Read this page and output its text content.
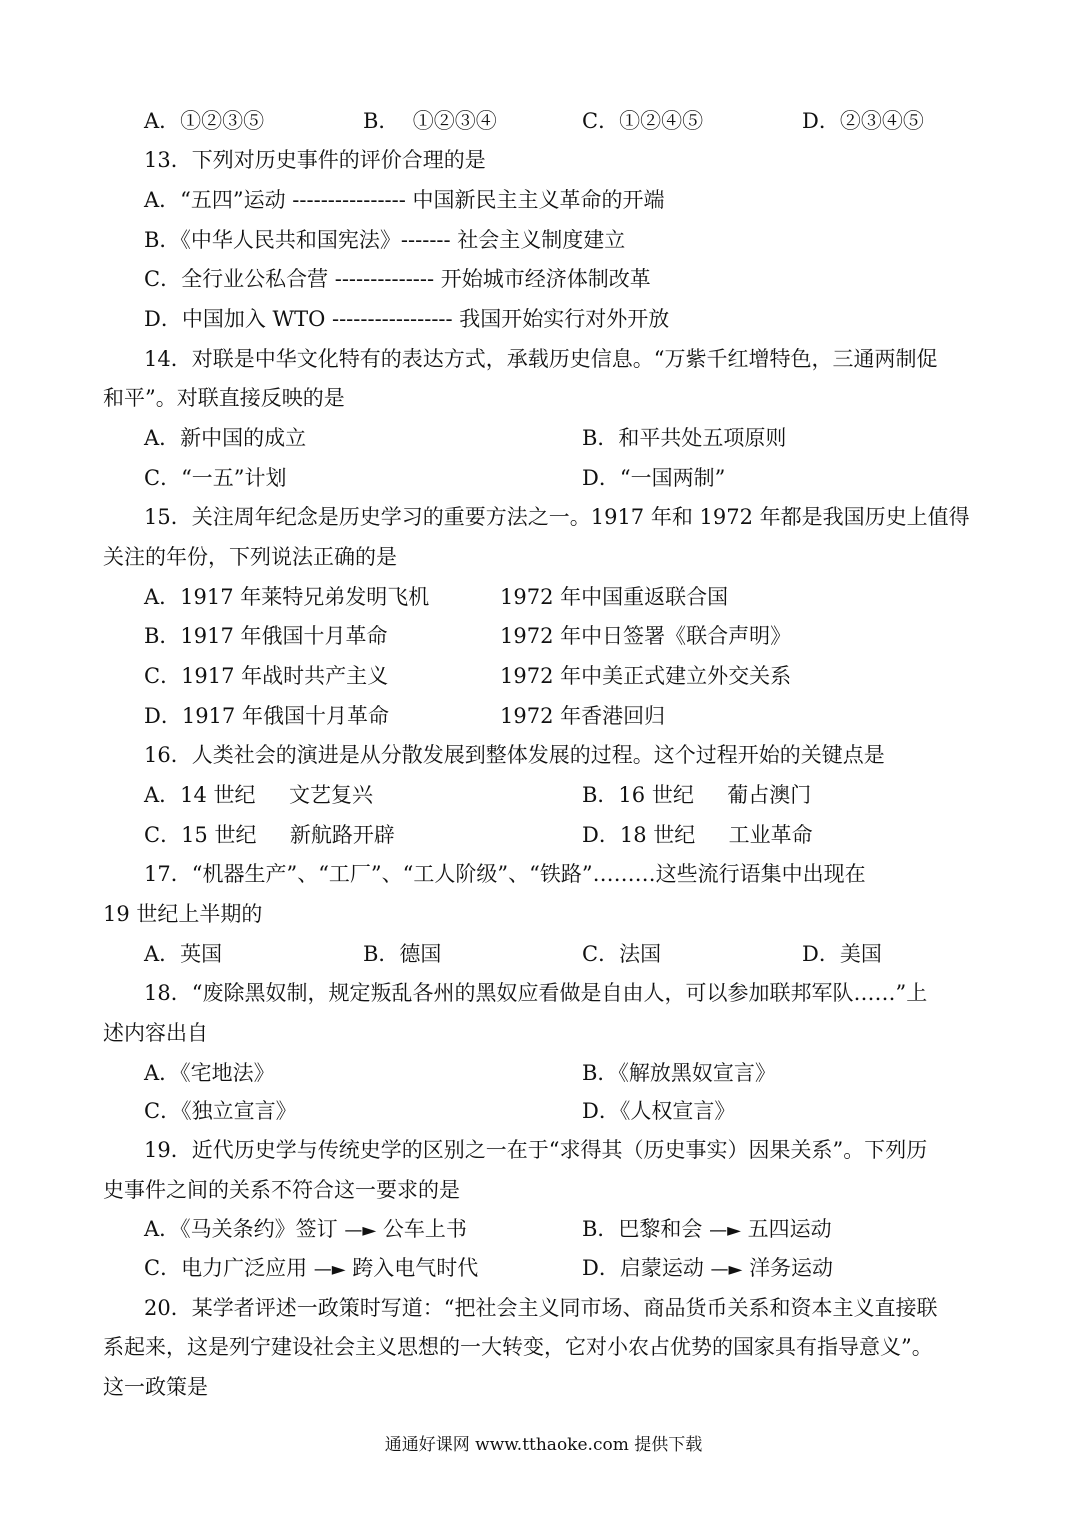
A．①②③⑤	B．  ①②③④	C．①②④⑤	D．②③④⑤
13．下列对历史事件的评价合理的是
A．“五四”运动 ---------------- 中国新民主主义革命的开端
B．《中华人民共和国宪法》------- 社会主义制度建立
C．全行业公私合营 -------------- 开始城市经济体制改革
D．中国加入 WTO ----------------- 我国开始实行对外开放
14．对联是中华文化特有的表达方式，承载历史信息。“万紫千红增特色，三通两制促
和平”。对联直接反映的是
A．新中国的成立	B．和平共处五项原则
C．“一五”计划	D．“一国两制”
15．关注周年纪念是历史学习的重要方法之一。1917 年和 1972 年都是我国历史上值得
关注的年份，下列说法正确的是
A．1917 年莱特兄弟发明飞机	1972 年中国重返联合国
B．1917 年俄国十月革命	1972 年中日签署《联合声明》
C．1917 年战时共产主义	1972 年中美正式建立外交关系
D．1917 年俄国十月革命	1972 年香港回归
16．人类社会的演进是从分散发展到整体发展的过程。这个过程开始的关键点是
A．14 世纪     文艺复兴	B．16 世纪     葡占澳门
C．15 世纪     新航路开辟	D．18 世纪     工业革命
17．“机器生产”、“工厂”、“工人阶级”、“铁路”………这些流行语集中出现在
19 世纪上半期的
A．英国	B．德国	C．法国	D．美国
18．“废除黑奴制，规定叛乱各州的黑奴应看做是自由人，可以参加联邦军队……”上
述内容出自
A．《宅地法》	B．《解放黑奴宣言》
C．《独立宣言》	D．《人权宣言》
19．近代历史学与传统史学的区别之一在于“求得其（历史事实）因果关系”。下列历
史事件之间的关系不符合这一要求的是
A．《马关条约》签订 —► 公车上书	B．巴黎和会 —► 五四运动
C．电力广泛应用 —► 跨入电气时代	D．启蒙运动 —► 洋务运动
20．某学者评述一政策时写道：“把社会主义同市场、商品货币关系和资本主义直接联
系起来，这是列宁建设社会主义思想的一大转变，它对小农占优势的国家具有指导意义”。
这一政策是
通通好课网 www.tthaoke.com 提供下载
